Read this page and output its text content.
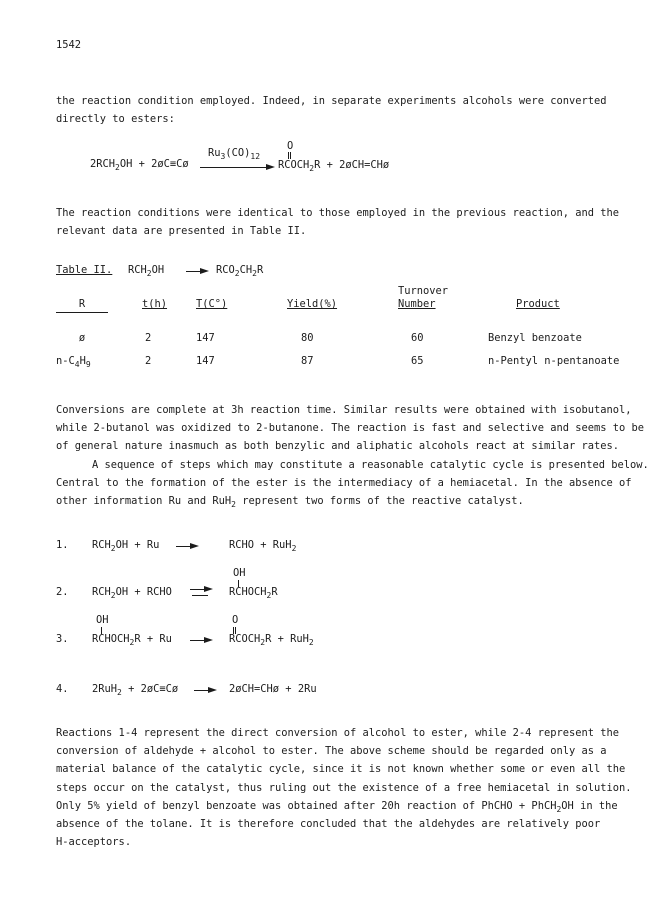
1542
the reaction condition employed. Indeed, in separate experiments alcohols were converted
directly to esters:
$2RCH_2OH$ + 2øC≡Cø
$Ru_3(CO)_{12}$
O
$RCOCH_2R$ + 2øCH=CHø
The reaction conditions were identical to those employed in the previous reaction, and the
relevant data are presented in Table II.
Table II. $RCH_2OH$	$RCO_2CH_2R$
Turnover
R	t(h)	T(C°)	Yield(%)	Number	Product
ø	2	147	80	60	Benzyl benzoate
$n-C_4H_9$	2	147	87	65	n-Pentyl n-pentanoate
Conversions are complete at 3h reaction time. Similar results were obtained with isobutanol,
while 2-butanol was oxidized to 2-butanone. The reaction is fast and selective and seems to be
of general nature inasmuch as both benzylic and aliphatic alcohols react at similar rates.
A sequence of steps which may constitute a reasonable catalytic cycle is presented below.
Central to the formation of the ester is the intermediacy of a hemiacetal. In the absence of
other information Ru and RuH$_2$ represent two forms of the reactive catalyst.
1. $RCH_2OH + Ru$	RCHO + RuH$_2$
OH
2. $RCH_2OH$ + RCHO	$RCHOCH_2R$
OH	O
3. $RCHOCH_2R + Ru$	$RCOCH_2R + RuH_2$
4. 2RuH$_2$ + 2øC≡Cø	2øCH=CHø + 2Ru
Reactions 1-4 represent the direct conversion of alcohol to ester, while 2-4 represent the
conversion of aldehyde + alcohol to ester. The above scheme should be regarded only as a
material balance of the catalytic cycle, since it is not known whether some or even all the
steps occur on the catalyst, thus ruling out the existence of a free hemiacetal in solution.
Only 5% yield of benzyl benzoate was obtained after 20h reaction of PhCHO + PhCH$_2$OH in the
absence of the tolane. It is therefore concluded that the aldehydes are relatively poor
H-acceptors.
